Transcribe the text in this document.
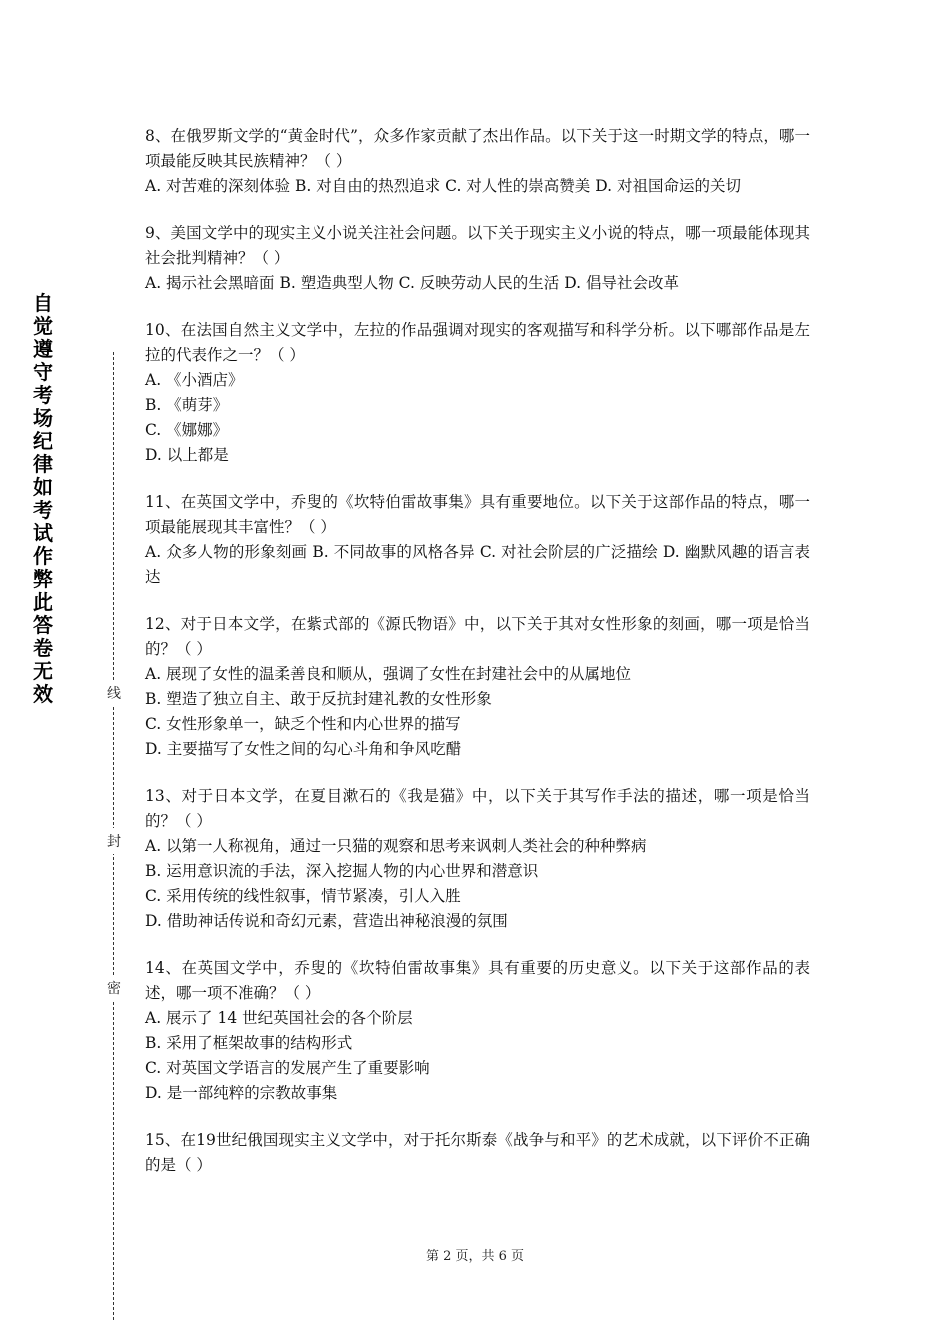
自觉遵守考场纪律如考试作弊此答卷无效	线
封
密
8、在俄罗斯文学的“黄金时代”，众多作家贡献了杰出作品。以下关于这一时期文学的特点，哪一项最能反映其民族精神？（ ）
A. 对苦难的深刻体验 B. 对自由的热烈追求 C. 对人性的崇高赞美 D. 对祖国命运的关切
9、美国文学中的现实主义小说关注社会问题。以下关于现实主义小说的特点，哪一项最能体现其社会批判精神？（ ）
A. 揭示社会黑暗面 B. 塑造典型人物 C. 反映劳动人民的生活 D. 倡导社会改革
10、在法国自然主义文学中，左拉的作品强调对现实的客观描写和科学分析。以下哪部作品是左拉的代表作之一？（ ）
A. 《小酒店》
B. 《萌芽》
C. 《娜娜》
D. 以上都是
11、在英国文学中，乔叟的《坎特伯雷故事集》具有重要地位。以下关于这部作品的特点，哪一项最能展现其丰富性？（ ）
A. 众多人物的形象刻画 B. 不同故事的风格各异 C. 对社会阶层的广泛描绘 D. 幽默风趣的语言表达
12、对于日本文学，在紫式部的《源氏物语》中，以下关于其对女性形象的刻画，哪一项是恰当的？（ ）
A. 展现了女性的温柔善良和顺从，强调了女性在封建社会中的从属地位
B. 塑造了独立自主、敢于反抗封建礼教的女性形象
C. 女性形象单一，缺乏个性和内心世界的描写
D. 主要描写了女性之间的勾心斗角和争风吃醋
13、对于日本文学，在夏目漱石的《我是猫》中，以下关于其写作手法的描述，哪一项是恰当的？（ ）
A. 以第一人称视角，通过一只猫的观察和思考来讽刺人类社会的种种弊病
B. 运用意识流的手法，深入挖掘人物的内心世界和潜意识
C. 采用传统的线性叙事，情节紧凑，引人入胜
D. 借助神话传说和奇幻元素，营造出神秘浪漫的氛围
14、在英国文学中，乔叟的《坎特伯雷故事集》具有重要的历史意义。以下关于这部作品的表述，哪一项不准确？（ ）
A. 展示了 14 世纪英国社会的各个阶层
B. 采用了框架故事的结构形式
C. 对英国文学语言的发展产生了重要影响
D. 是一部纯粹的宗教故事集
15、在19世纪俄国现实主义文学中，对于托尔斯泰《战争与和平》的艺术成就，以下评价不正确的是（ ）
第 2 页，共 6 页
